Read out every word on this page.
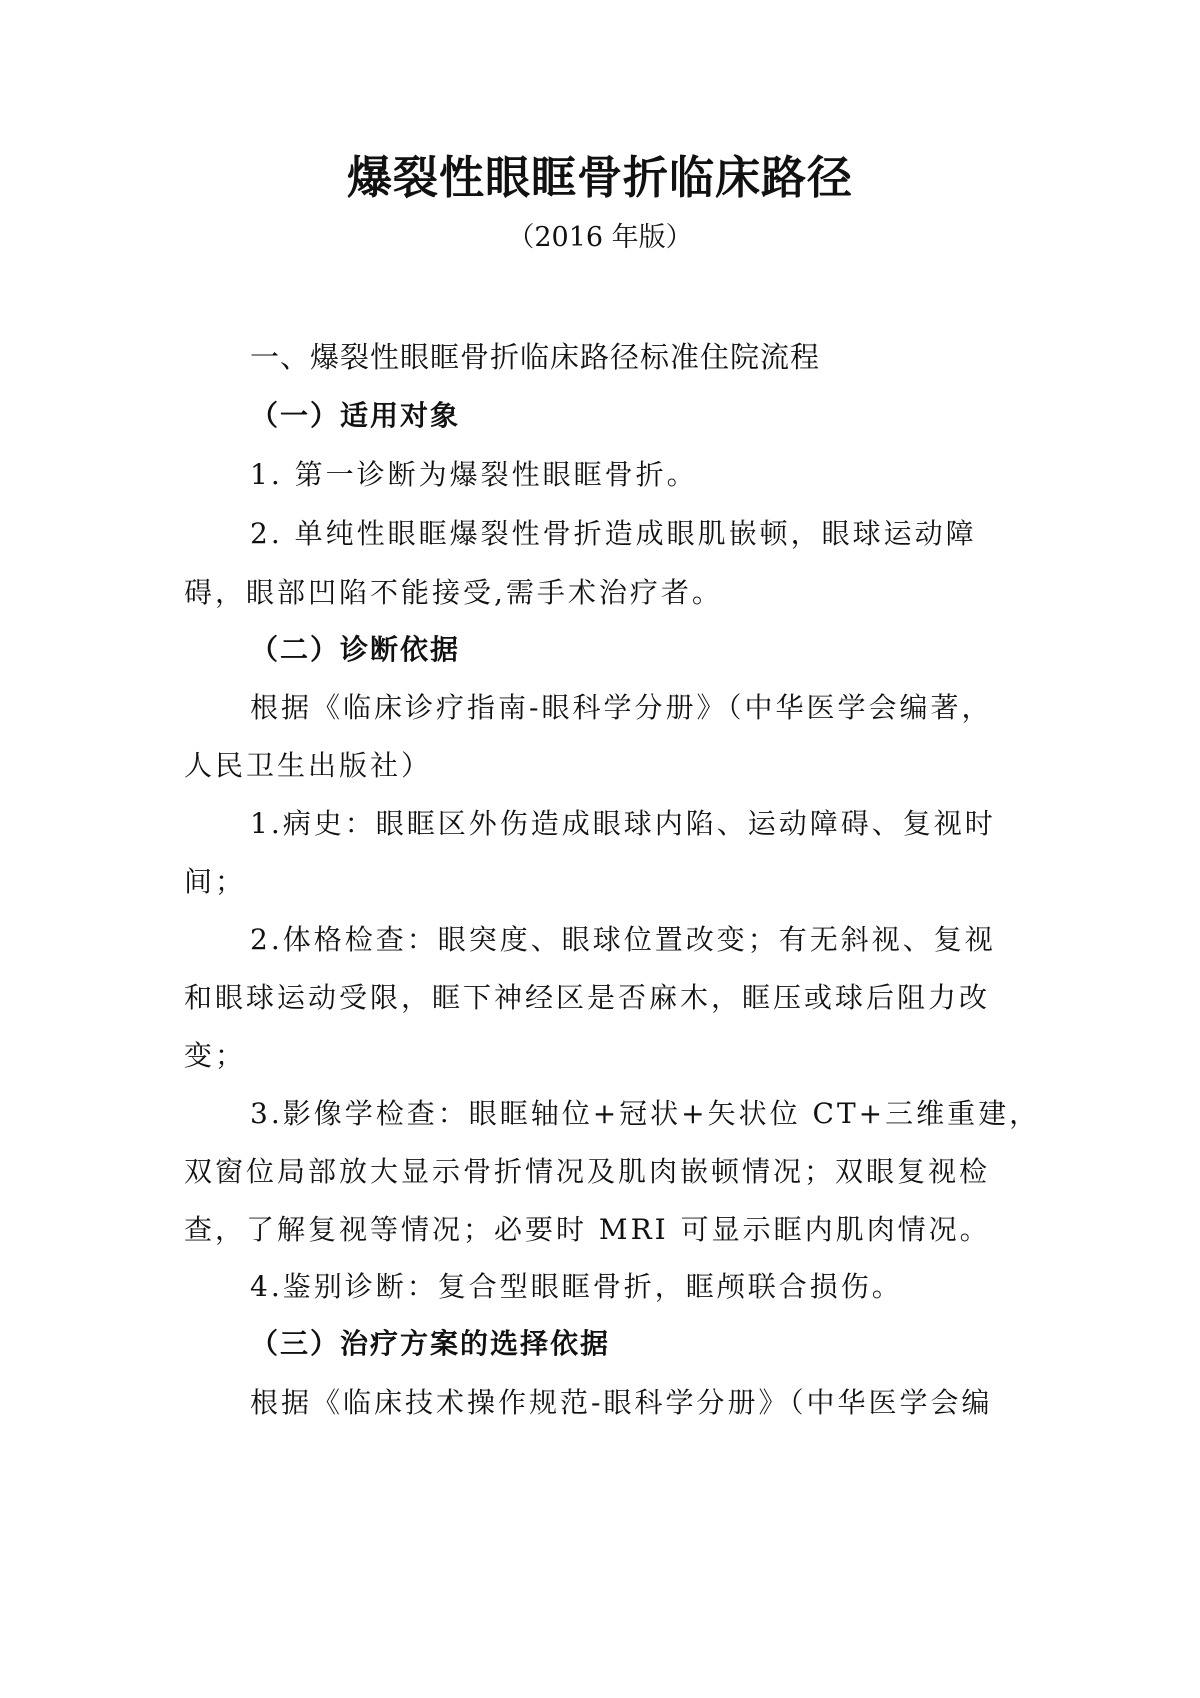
爆裂性眼眶骨折临床路径
（2016 年版）
一、爆裂性眼眶骨折临床路径标准住院流程
（一）适用对象
1. 第一诊断为爆裂性眼眶骨折。
2. 单纯性眼眶爆裂性骨折造成眼肌嵌顿，眼球运动障
碍，眼部凹陷不能接受,需手术治疗者。
（二）诊断依据
根据《临床诊疗指南-眼科学分册》（中华医学会编著，
人民卫生出版社）
1.病史：眼眶区外伤造成眼球内陷、运动障碍、复视时
间；
2.体格检查：眼突度、眼球位置改变；有无斜视、复视
和眼球运动受限，眶下神经区是否麻木，眶压或球后阻力改
变；
3.影像学检查：眼眶轴位+冠状+矢状位 CT+三维重建，
双窗位局部放大显示骨折情况及肌肉嵌顿情况；双眼复视检
查，了解复视等情况；必要时 MRI 可显示眶内肌肉情况。
4.鉴别诊断：复合型眼眶骨折，眶颅联合损伤。
（三）治疗方案的选择依据
根据《临床技术操作规范-眼科学分册》（中华医学会编
